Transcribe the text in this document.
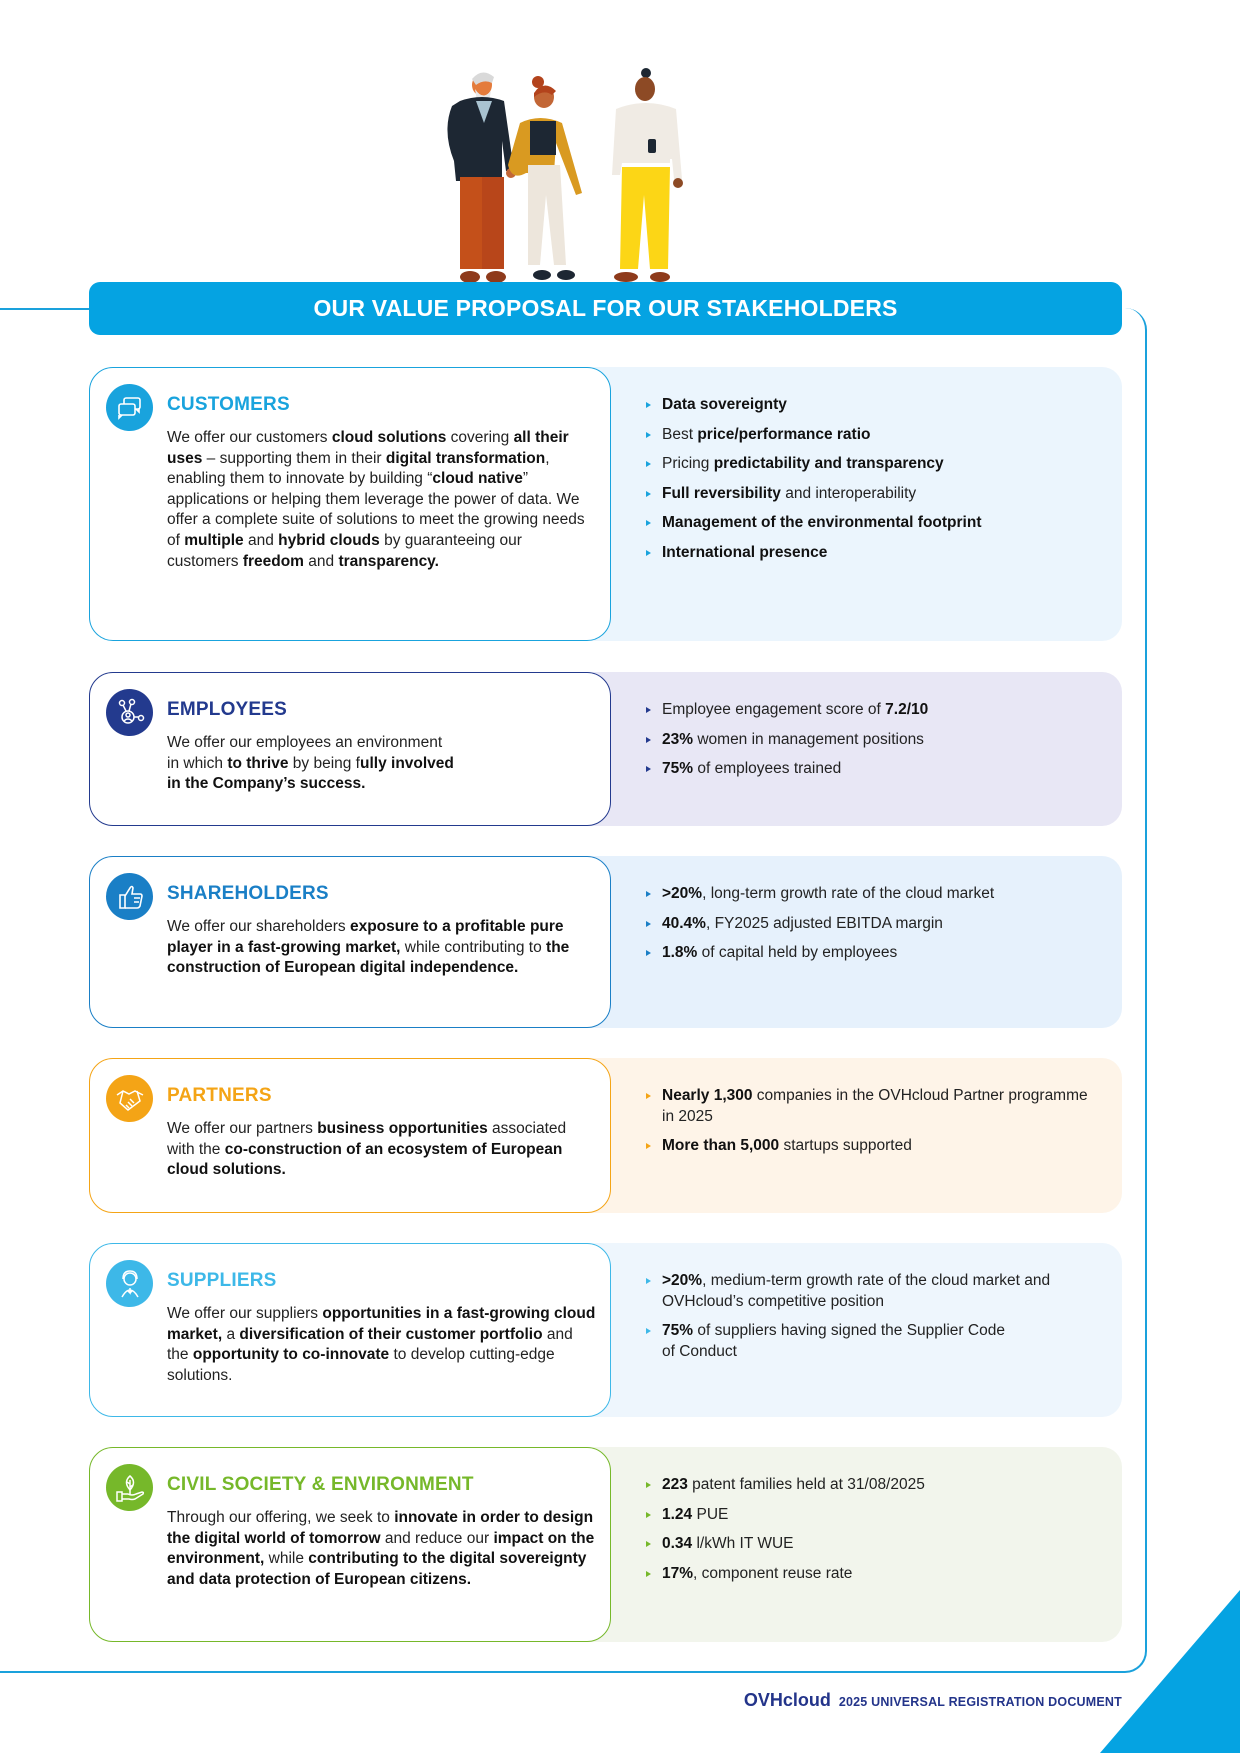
OUR VALUE PROPOSAL FOR OUR STAKEHOLDERS
CUSTOMERS
We offer our customers cloud solutions covering all their uses – supporting them in their digital transformation, enabling them to innovate by building “cloud native” applications or helping them leverage the power of data. We offer a complete suite of solutions to meet the growing needs of multiple and hybrid clouds by guaranteeing our customers freedom and transparency.
Data sovereignty
Best price/performance ratio
Pricing predictability and transparency
Full reversibility and interoperability
Management of the environmental footprint
International presence
EMPLOYEES
We offer our employees an environment
in which to thrive by being fully involved
in the Company’s success.
Employee engagement score of 7.2/10
23% women in management positions
75% of employees trained
SHAREHOLDERS
We offer our shareholders exposure to a profitable pure player in a fast-growing market, while contributing to the construction of European digital independence.
>20%, long-term growth rate of the cloud market
40.4%, FY2025 adjusted EBITDA margin
1.8% of capital held by employees
PARTNERS
We offer our partners business opportunities associated with the co-construction of an ecosystem of European cloud solutions.
Nearly 1,300 companies in the OVHcloud Partner programme in 2025
More than 5,000 startups supported
SUPPLIERS
We offer our suppliers opportunities in a fast-growing cloud market, a diversification of their customer portfolio and the opportunity to co-innovate to develop cutting-edge solutions.
>20%, medium-term growth rate of the cloud market and OVHcloud’s competitive position
75% of suppliers having signed the Supplier Code
of Conduct
CIVIL SOCIETY & ENVIRONMENT
Through our offering, we seek to innovate in order to design the digital world of tomorrow and reduce our impact on the environment, while contributing to the digital sovereignty and data protection of European citizens.
223 patent families held at 31/08/2025
1.24 PUE
0.34 l/kWh IT WUE
17%, component reuse rate
OVHcloud 2025 UNIVERSAL REGISTRATION DOCUMENT
